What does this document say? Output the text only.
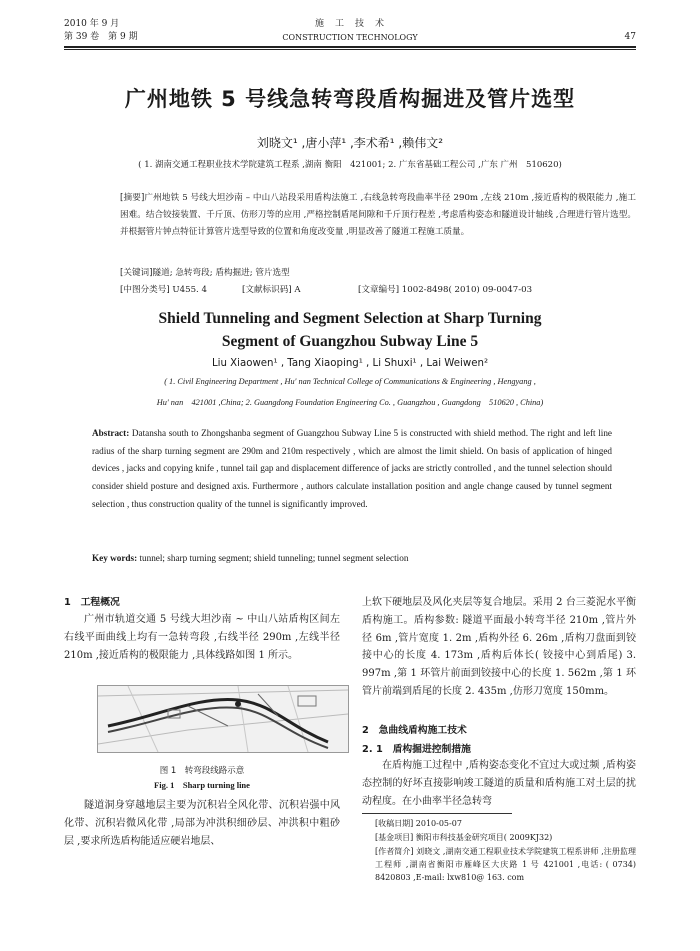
2010 年 9 月
第 39 卷　第 9 期
施　工　技　术
CONSTRUCTION TECHNOLOGY	47
广州地铁 5 号线急转弯段盾构掘进及管片选型
刘晓文¹ ,唐小萍¹ ,李术希¹ ,赖伟文²
( 1. 湖南交通工程职业技术学院建筑工程系 ,湖南 衡阳　421001; 2. 广东省基础工程公司 ,广东 广州　510620)
[摘要]广州地铁 5 号线大坦沙南 – 中山八站段采用盾构法施工 ,右线急转弯段曲率半径 290m ,左线 210m ,接近盾构的极限能力 ,施工困难。结合铰接装置、千斤顶、仿形刀等的应用 ,严格控制盾尾间隙和千斤顶行程差 ,考虑盾构姿态和隧道设计轴线 ,合理进行管片选型。并根据管片钟点特征计算管片选型导致的位置和角度改变量 ,明显改善了隧道工程施工质量。
[关键词]隧道; 急转弯段; 盾构掘进; 管片选型
[中图分类号] U455. 4	[文献标识码] A	[文章编号] 1002-8498( 2010) 09-0047-03
Shield Tunneling and Segment Selection at Sharp Turning
Segment of Guangzhou Subway Line 5
Liu Xiaowen¹ , Tang Xiaoping¹ , Li Shuxi¹ , Lai Weiwen²
( 1. Civil Engineering Department , Hu' nan Technical College of Communications & Engineering , Hengyang ,
Hu' nan　421001 ,China; 2. Guangdong Foundation Engineering Co. , Guangzhou , Guangdong　510620 , China)
Abstract: Datansha south to Zhongshanba segment of Guangzhou Subway Line 5 is constructed with shield method. The right and left line radius of the sharp turning segment are 290m and 210m respectively , which are almost the limit shield. On basis of application of hinged devices , jacks and copying knife , tunnel tail gap and displacement difference of jacks are strictly controlled , and the tunnel selection should consider shield posture and designed axis. Furthermore , authors calculate installation position and angle change caused by tunnel segment selection , thus construction quality of the tunnel is significantly improved.
Key words: tunnel; sharp turning segment; shield tunneling; tunnel segment selection
1　工程概况
广州市轨道交通 5 号线大坦沙南 ~ 中山八站盾构区间左右线平面曲线上均有一急转弯段 ,右线半径 290m ,左线半径 210m ,接近盾构的极限能力 ,具体线路如图 1 所示。
图 1　转弯段线路示意
Fig. 1　Sharp turning line
隧道洞身穿越地层主要为沉积岩全风化带、沉积岩强中风化带、沉积岩微风化带 ,局部为冲洪积细砂层、冲洪积中粗砂层 ,要求所选盾构能适应硬岩地层、
上软下硬地层及风化夹层等复合地层。采用 2 台三菱泥水平衡盾构施工。盾构参数: 隧道平面最小转弯半径 210m ,管片外径 6m ,管片宽度 1. 2m ,盾构外径 6. 26m ,盾构刀盘面到铰接中心的长度 4. 173m ,盾构后体长( 铰接中心到盾尾) 3. 997m ,第 1 环管片前面到铰接中心的长度 1. 562m ,第 1 环管片前端到盾尾的长度 2. 435m ,仿形刀宽度 150mm。
2　急曲线盾构施工技术
2. 1　盾构掘进控制措施
在盾构施工过程中 ,盾构姿态变化不宜过大或过频 ,盾构姿态控制的好坏直接影响竣工隧道的质量和盾构施工对土层的扰动程度。在小曲率半径急转弯
[收稿日期] 2010-05-07
[基金项目] 衡阳市科技基金研究项目( 2009KJ32)
[作者简介] 刘晓文 ,湖南交通工程职业技术学院建筑工程系讲师 ,注册监理工程师 ,湖南省衡阳市雁峰区大庆路 1 号 421001 ,电话: ( 0734) 8420803 ,E-mail: lxw810@ 163. com
